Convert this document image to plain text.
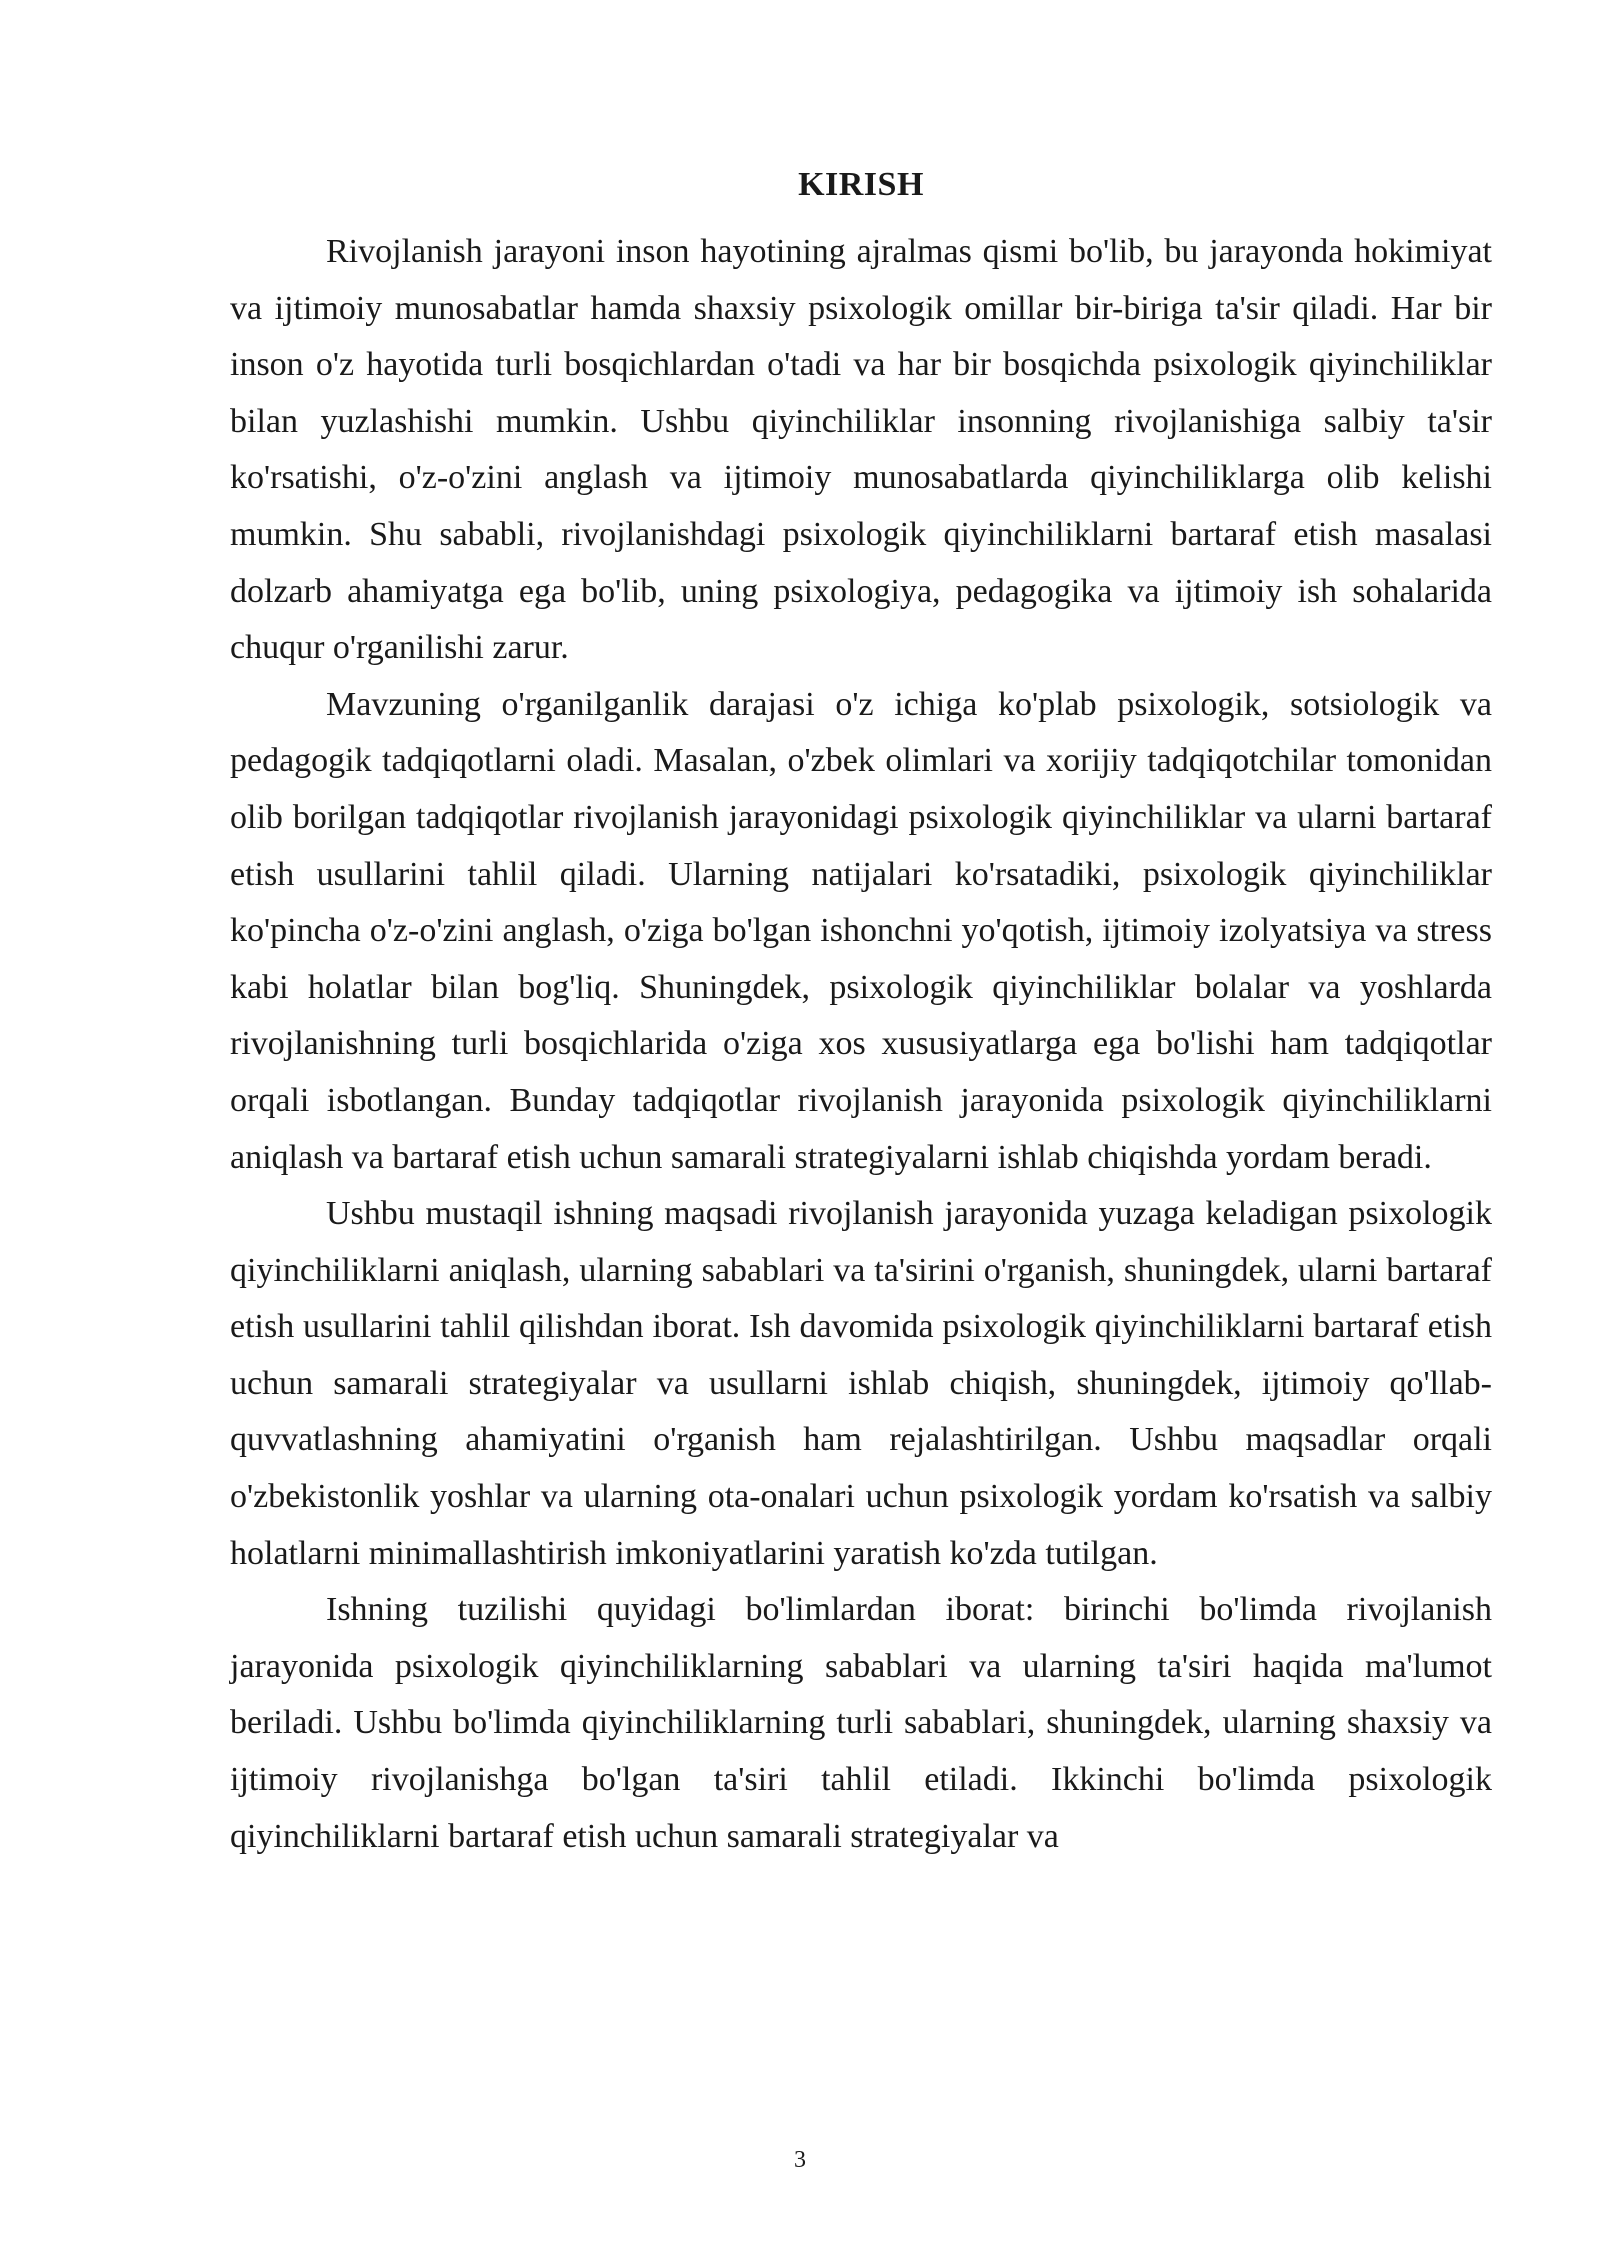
KIRISH

Rivojlanish jarayoni inson hayotining ajralmas qismi bo'lib, bu jarayonda hokimiyat va ijtimoiy munosabatlar hamda shaxsiy psixologik omillar bir-biriga ta'sir qiladi. Har bir inson o'z hayotida turli bosqichlardan o'tadi va har bir bosqichda psixologik qiyinchiliklar bilan yuzlashishi mumkin. Ushbu qiyinchiliklar insonning rivojlanishiga salbiy ta'sir ko'rsatishi, o'z-o'zini anglash va ijtimoiy munosabatlarda qiyinchiliklarga olib kelishi mumkin. Shu sababli, rivojlanishdagi psixologik qiyinchiliklarni bartaraf etish masalasi dolzarb ahamiyatga ega bo'lib, uning psixologiya, pedagogika va ijtimoiy ish sohalarida chuqur o'rganilishi zarur.

Mavzuning o'rganilganlik darajasi o'z ichiga ko'plab psixologik, sotsiologik va pedagogik tadqiqotlarni oladi. Masalan, o'zbek olimlari va xorijiy tadqiqotchilar tomonidan olib borilgan tadqiqotlar rivojlanish jarayonidagi psixologik qiyinchiliklar va ularni bartaraf etish usullarini tahlil qiladi. Ularning natijalari ko'rsatadiki, psixologik qiyinchiliklar ko'pincha o'z-o'zini anglash, o'ziga bo'lgan ishonchni yo'qotish, ijtimoiy izolyatsiya va stress kabi holatlar bilan bog'liq. Shuningdek, psixologik qiyinchiliklar bolalar va yoshlarda rivojlanishning turli bosqichlarida o'ziga xos xususiyatlarga ega bo'lishi ham tadqiqotlar orqali isbotlangan. Bunday tadqiqotlar rivojlanish jarayonida psixologik qiyinchiliklarni aniqlash va bartaraf etish uchun samarali strategiyalarni ishlab chiqishda yordam beradi.

Ushbu mustaqil ishning maqsadi rivojlanish jarayonida yuzaga keladigan psixologik qiyinchiliklarni aniqlash, ularning sabablari va ta'sirini o'rganish, shuningdek, ularni bartaraf etish usullarini tahlil qilishdan iborat. Ish davomida psixologik qiyinchiliklarni bartaraf etish uchun samarali strategiyalar va usullarni ishlab chiqish, shuningdek, ijtimoiy qo'llab-quvvatlashning ahamiyatini o'rganish ham rejalashtirilgan. Ushbu maqsadlar orqali o'zbekistonlik yoshlar va ularning ota-onalari uchun psixologik yordam ko'rsatish va salbiy holatlarni minimallashtirish imkoniyatlarini yaratish ko'zda tutilgan.

Ishning tuzilishi quyidagi bo'limlardan iborat: birinchi bo'limda rivojlanish jarayonida psixologik qiyinchiliklarning sabablari va ularning ta'siri haqida ma'lumot beriladi. Ushbu bo'limda qiyinchiliklarning turli sabablari, shuningdek, ularning shaxsiy va ijtimoiy rivojlanishga bo'lgan ta'siri tahlil etiladi. Ikkinchi bo'limda psixologik qiyinchiliklarni bartaraf etish uchun samarali strategiyalar va

3
